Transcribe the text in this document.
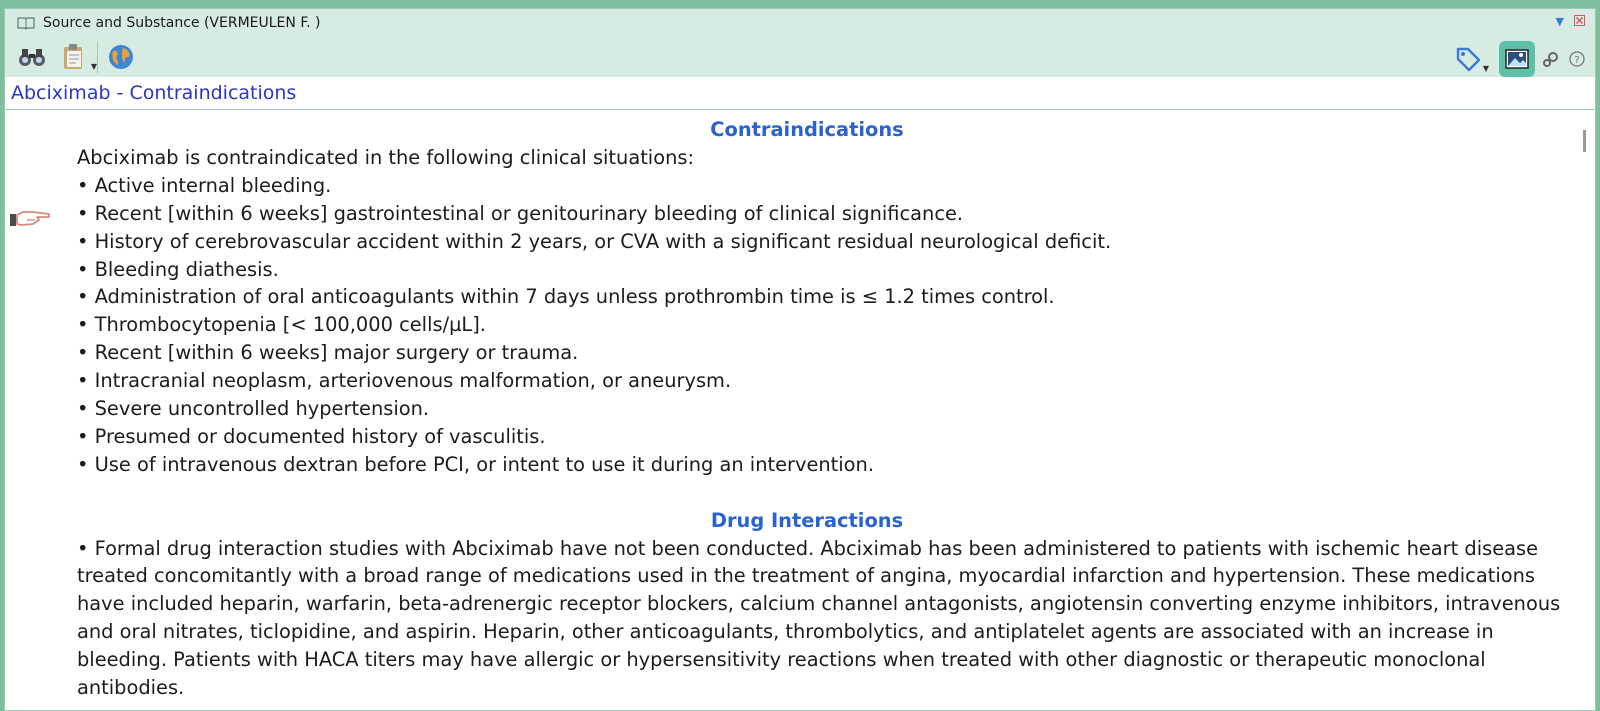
Source and Substance (VERMEULEN F. )	▼
▼	▼
?
Abciximab - Contraindications
Contraindications
Abciximab is contraindicated in the following clinical situations:
• Active internal bleeding.
• Recent [within 6 weeks] gastrointestinal or genitourinary bleeding of clinical significance.
• History of cerebrovascular accident within 2 years, or CVA with a significant residual neurological deficit.
• Bleeding diathesis.
• Administration of oral anticoagulants within 7 days unless prothrombin time is ≤ 1.2 times control.
• Thrombocytopenia [< 100,000 cells/µL].
• Recent [within 6 weeks] major surgery or trauma.
• Intracranial neoplasm, arteriovenous malformation, or aneurysm.
• Severe uncontrolled hypertension.
• Presumed or documented history of vasculitis.
• Use of intravenous dextran before PCI, or intent to use it during an intervention.
Drug Interactions
• Formal drug interaction studies with Abciximab have not been conducted. Abciximab has been administered to patients with ischemic heart disease treated concomitantly with a broad range of medications used in the treatment of angina, myocardial infarction and hypertension. These medications have included heparin, warfarin, beta-adrenergic receptor blockers, calcium channel antagonists, angiotensin converting enzyme inhibitors, intravenous and oral nitrates, ticlopidine, and aspirin. Heparin, other anticoagulants, thrombolytics, and antiplatelet agents are associated with an increase in bleeding. Patients with HACA titers may have allergic or hypersensitivity reactions when treated with other diagnostic or therapeutic monoclonal antibodies.
